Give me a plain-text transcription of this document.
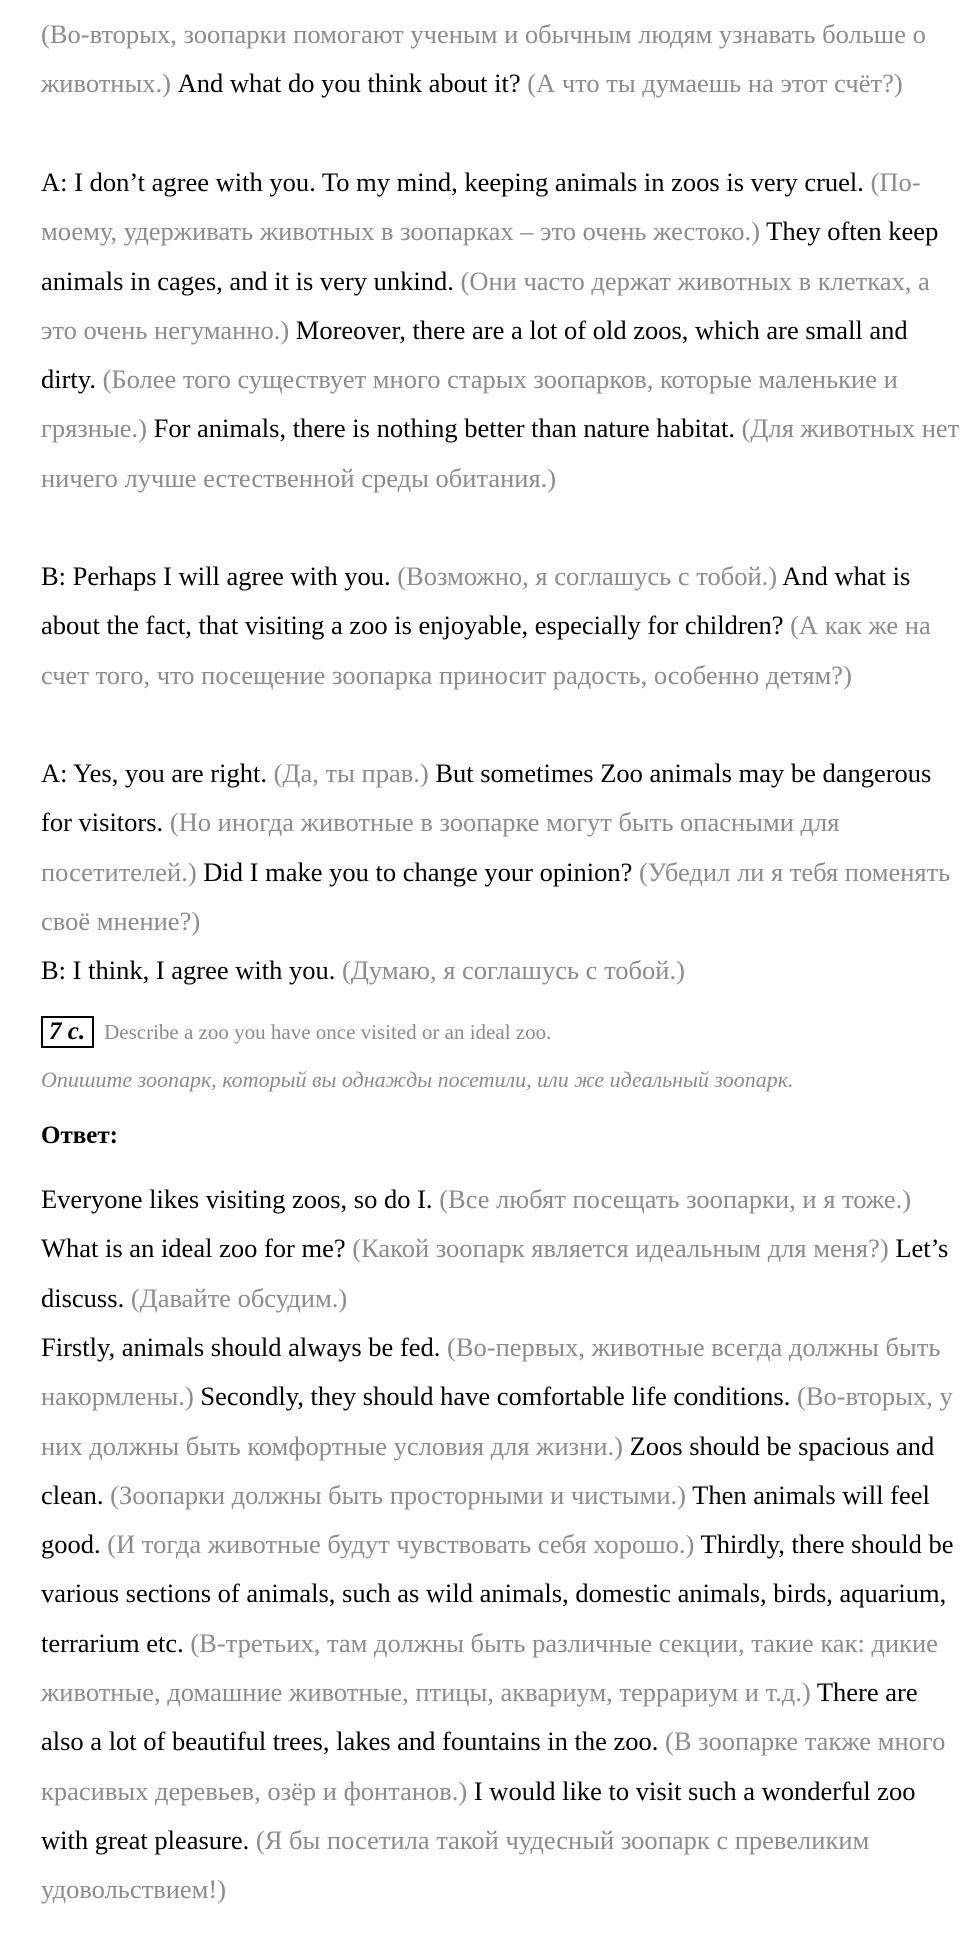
(Во-вторых, зоопарки помогают ученым и обычным людям узнавать больше о животных.) And what do you think about it? (А что ты думаешь на этот счёт?)

A: I don’t agree with you. To my mind, keeping animals in zoos is very cruel. (По-моему, удерживать животных в зоопарках – это очень жестоко.) They often keep animals in cages, and it is very unkind. (Они часто держат животных в клетках, а это очень негуманно.) Moreover, there are a lot of old zoos, which are small and dirty. (Более того существует много старых зоопарков, которые маленькие и грязные.) For animals, there is nothing better than nature habitat. (Для животных нет ничего лучше естественной среды обитания.)

B: Perhaps I will agree with you. (Возможно, я соглашусь с тобой.) And what is about the fact, that visiting a zoo is enjoyable, especially for children? (А как же на счет того, что посещение зоопарка приносит радость, особенно детям?)

A: Yes, you are right. (Да, ты прав.) But sometimes Zoo animals may be dangerous for visitors. (Но иногда животные в зоопарке могут быть опасными для посетителей.) Did I make you to change your opinion? (Убедил ли я тебя поменять своё мнение?)

B: I think, I agree with you. (Думаю, я соглашусь с тобой.)

7 c. Describe a zoo you have once visited or an ideal zoo.
Опишите зоопарк, который вы однажды посетили, или же идеальный зоопарк.
Ответ:

Everyone likes visiting zoos, so do I. (Все любят посещать зоопарки, и я тоже.) What is an ideal zoo for me? (Какой зоопарк является идеальным для меня?) Let’s discuss. (Давайте обсудим.)

Firstly, animals should always be fed. (Во-первых, животные всегда должны быть накормлены.) Secondly, they should have comfortable life conditions. (Во-вторых, у них должны быть комфортные условия для жизни.) Zoos should be spacious and clean. (Зоопарки должны быть просторными и чистыми.) Then animals will feel good. (И тогда животные будут чувствовать себя хорошо.) Thirdly, there should be various sections of animals, such as wild animals, domestic animals, birds, aquarium, terrarium etc. (В-третьих, там должны быть различные секции, такие как: дикие животные, домашние животные, птицы, аквариум, террариум и т.д.) There are also a lot of beautiful trees, lakes and fountains in the zoo. (В зоопарке также много красивых деревьев, озёр и фонтанов.) I would like to visit such a wonderful zoo with great pleasure. (Я бы посетила такой чудесный зоопарк с превеликим удовольствием!)
